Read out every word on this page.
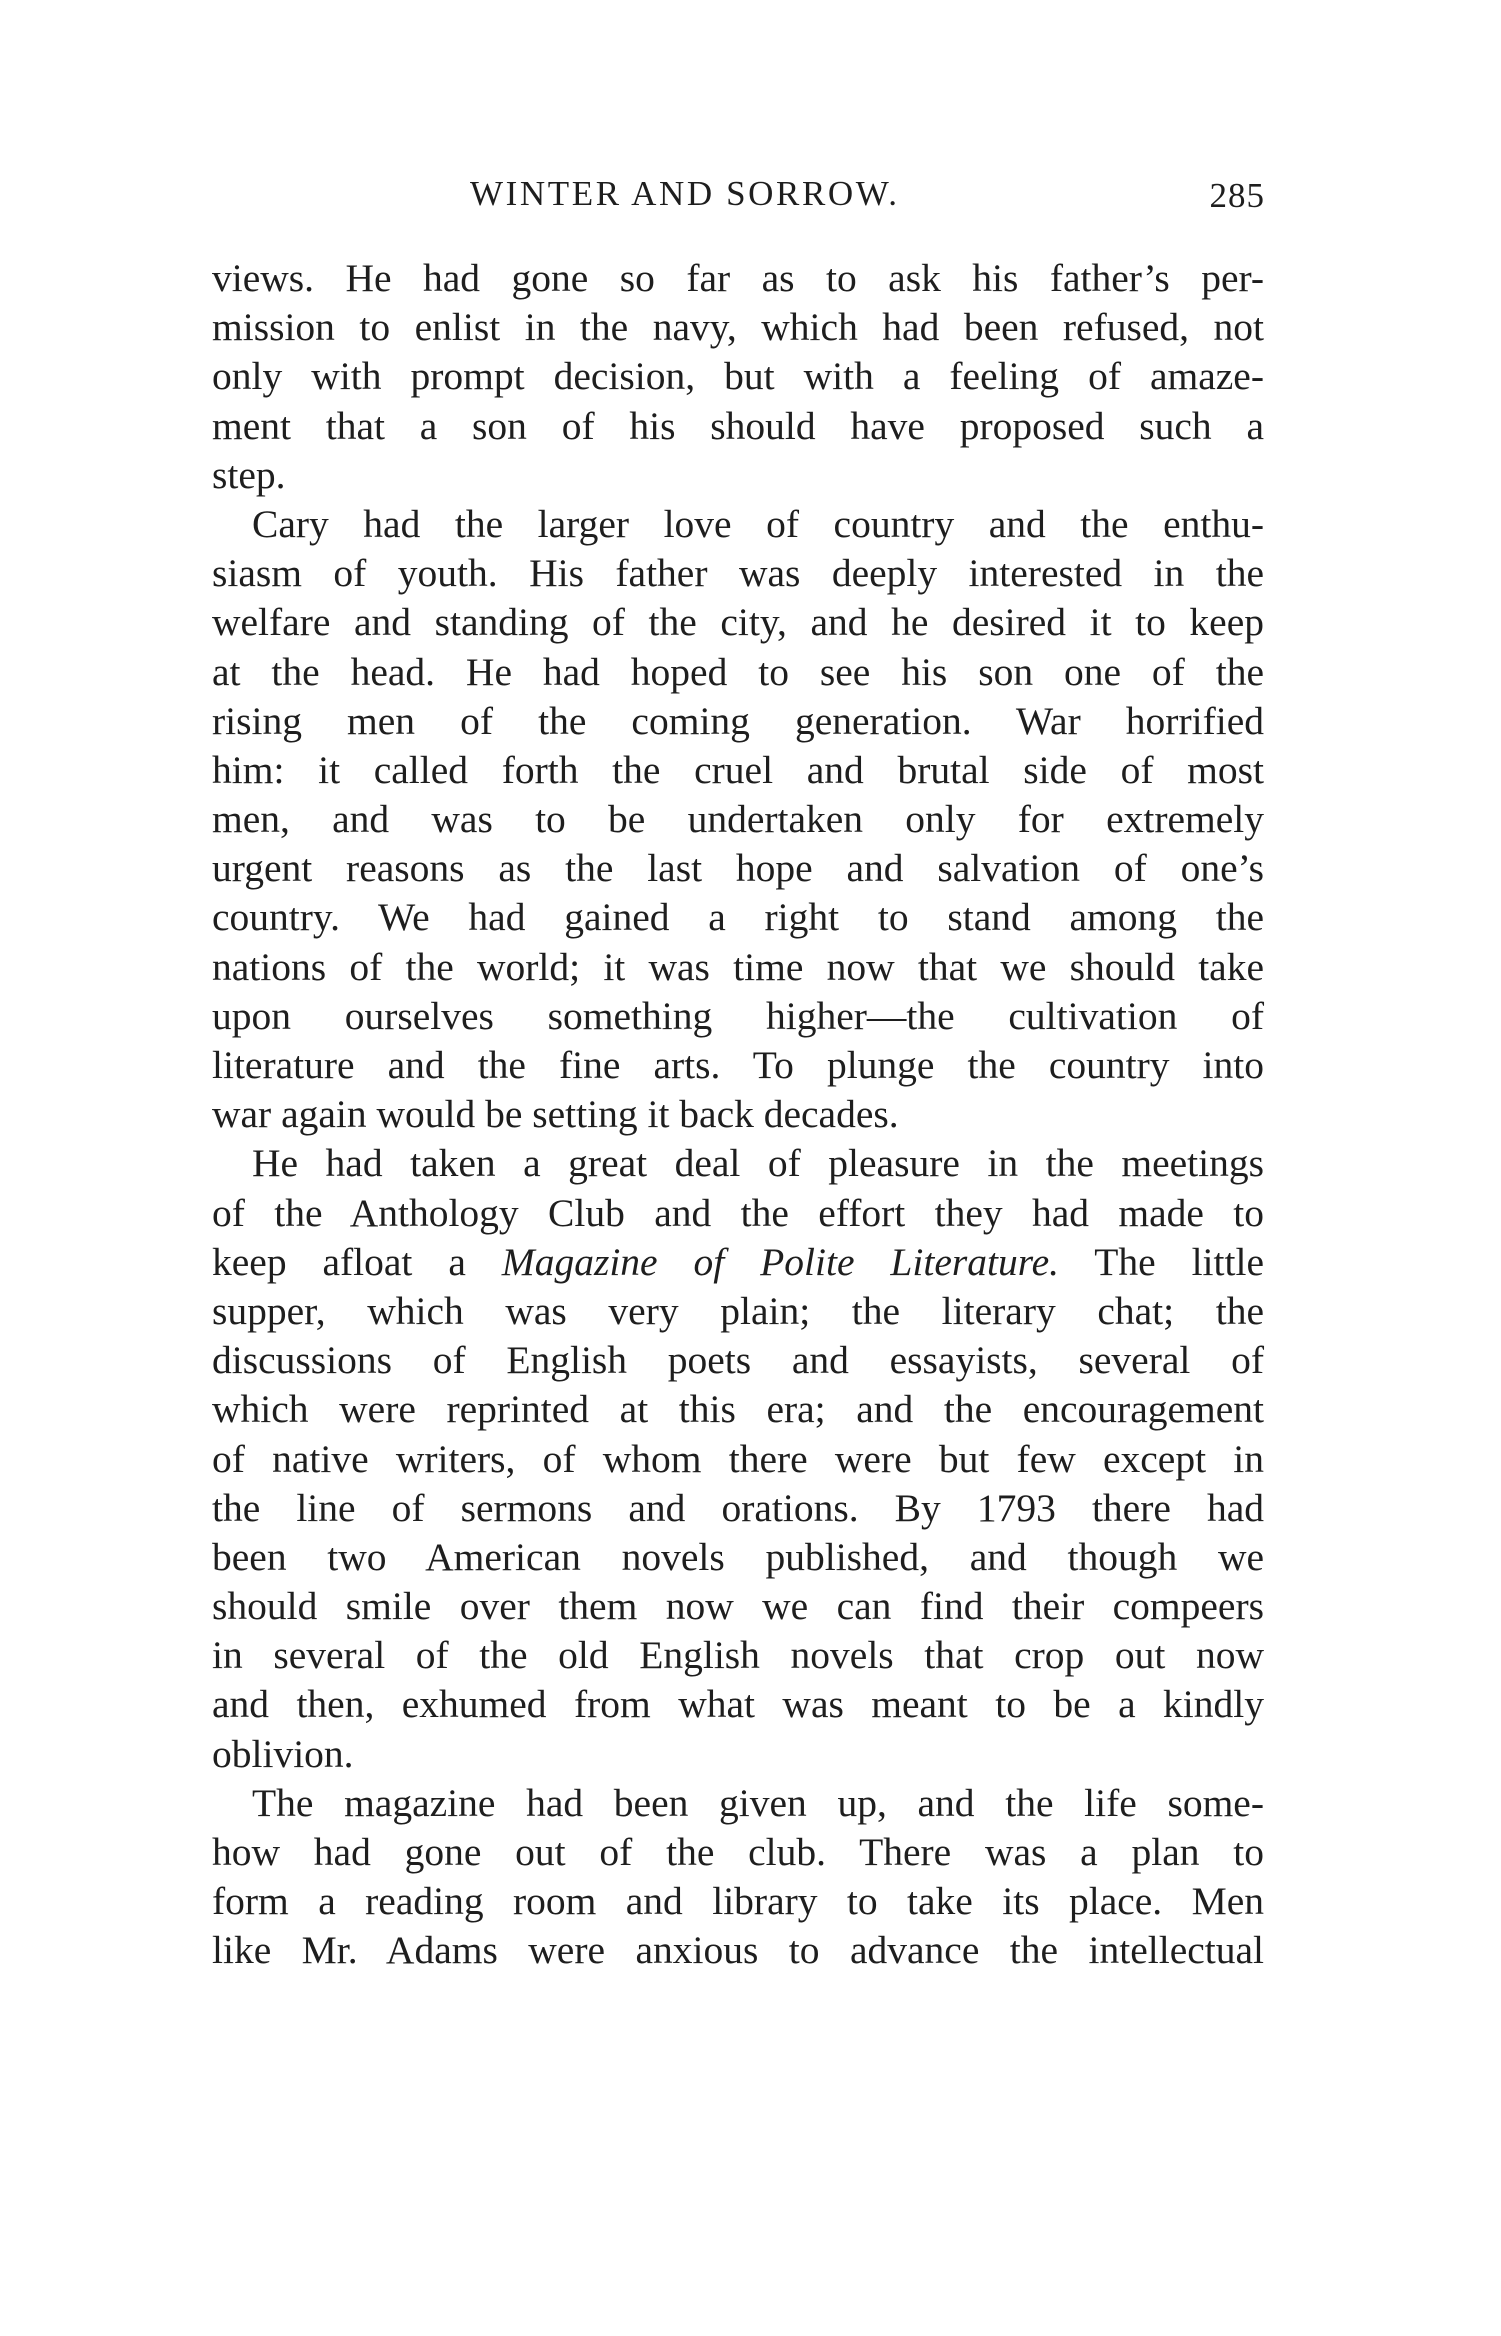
WINTER AND SORROW.	285
views. He had gone so far as to ask his father’s per-
mission to enlist in the navy, which had been refused, not
only with prompt decision, but with a feeling of amaze-
ment that a son of his should have proposed such a
step.
Cary had the larger love of country and the enthu-
siasm of youth. His father was deeply interested in the
welfare and standing of the city, and he desired it to keep
at the head. He had hoped to see his son one of the
rising men of the coming generation. War horrified
him: it called forth the cruel and brutal side of most
men, and was to be undertaken only for extremely
urgent reasons as the last hope and salvation of one’s
country. We had gained a right to stand among the
nations of the world; it was time now that we should take
upon ourselves something higher—the cultivation of
literature and the fine arts. To plunge the country into
war again would be setting it back decades.
He had taken a great deal of pleasure in the meetings
of the Anthology Club and the effort they had made to
keep afloat a Magazine of Polite Literature. The little
supper, which was very plain; the literary chat; the
discussions of English poets and essayists, several of
which were reprinted at this era; and the encouragement
of native writers, of whom there were but few except in
the line of sermons and orations. By 1793 there had
been two American novels published, and though we
should smile over them now we can find their compeers
in several of the old English novels that crop out now
and then, exhumed from what was meant to be a kindly
oblivion.
The magazine had been given up, and the life some-
how had gone out of the club. There was a plan to
form a reading room and library to take its place. Men
like Mr. Adams were anxious to advance the intellectual
